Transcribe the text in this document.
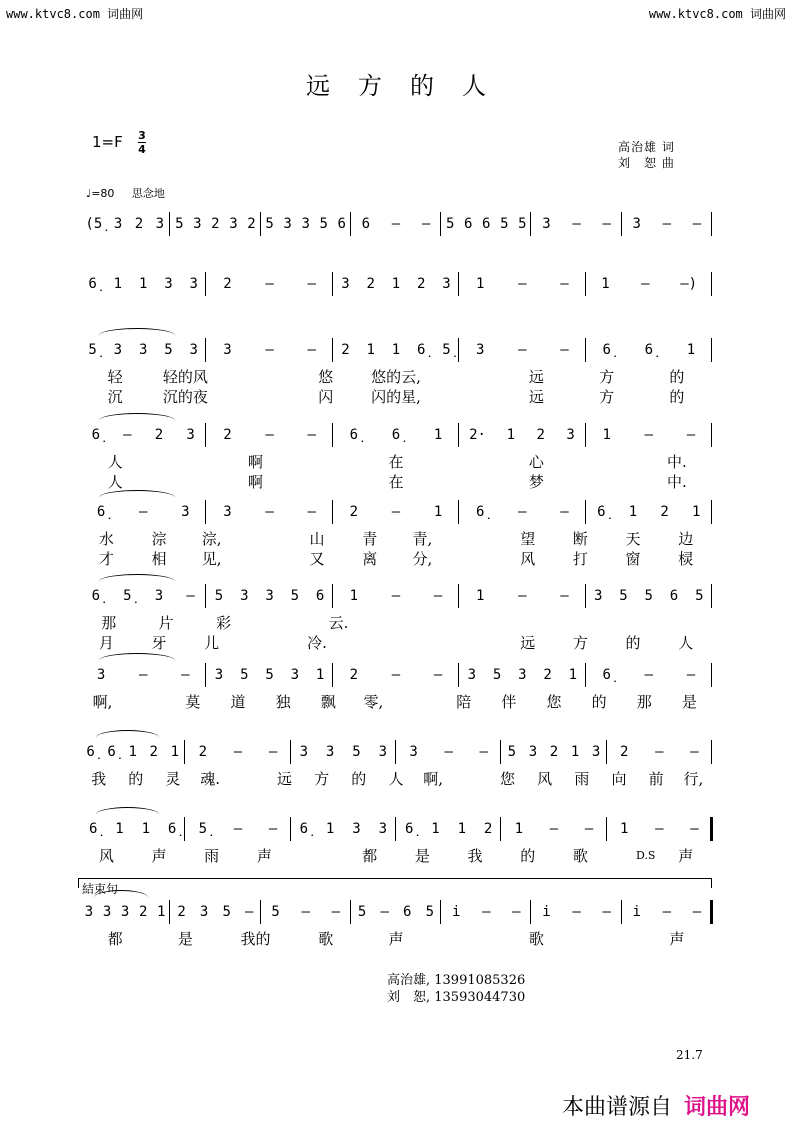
www.ktvc8.com 词曲网	www.ktvc8.com 词曲网
远方的人
1=F 3
4	高治雄 词
刘　恕 曲
♩=80 思念地
(5̣ 3 2 3 5 3 2 3 2 5 3 3 5 6 6 – – 5 6 6 5 5 3 – – 3 – –
6̣ 1 1 3 3 2 – – 3 2 1 2 3 1 – – 1 – –)
5̣ 3 3 5 3 3 – – 2 1 1 6̣ 5̣ 3 – – 6̣ 6̣ 1
轻	轻的风	悠	悠的云,	远	方	的
沉	沉的夜	闪	闪的星,	远	方	的
6̣ – 2 3 2 – – 6̣ 6̣ 1 2· 1 2 3 1 – –
人	啊	在	心	中.
人	啊	在	梦	中.
6̣ – 3 3 – – 2 – 1 6̣ – – 6̣ 1 2 1
水	淙	淙,	山	青	青,	望	断	天	边
才	相	见,	又	离	分,	风	打	窗	棂
6̣ 5̣ 3 – 5 3 3 5 6 1 – – 1 – – 3 5 5 6 5
那	片	彩	云.
月	牙	儿	冷.	远	方	的	人
3 – – 3 5 5 3 1 2 – – 3 5 3 2 1 6̣ – –
啊,	莫	道	独	飘	零,	陪	伴	您	的	那	是
6̣ 6̣ 1 2 1 2 – – 3 3 5 3 3 – – 5 3 2 1 3 2 – –
我	的	灵	魂.	远	方	的	人	啊,	您	风	雨	向	前	行,
6̣ 1 1 6̣ 5̣ – – 6̣ 1 3 3 6̣ 1 1 2 1 – – 1 – –
风	声	雨	声	都	是	我	的	歌	声
D.S
3 3 3 2 1 2 3 5 – 5 – – 5 – 6 5 i – – i – – i – –
都	是	我的	歌	声	歌	声
結束句
高治雄, 13991085326
刘　恕, 13593044730
21.7
本曲谱源自 词曲网
